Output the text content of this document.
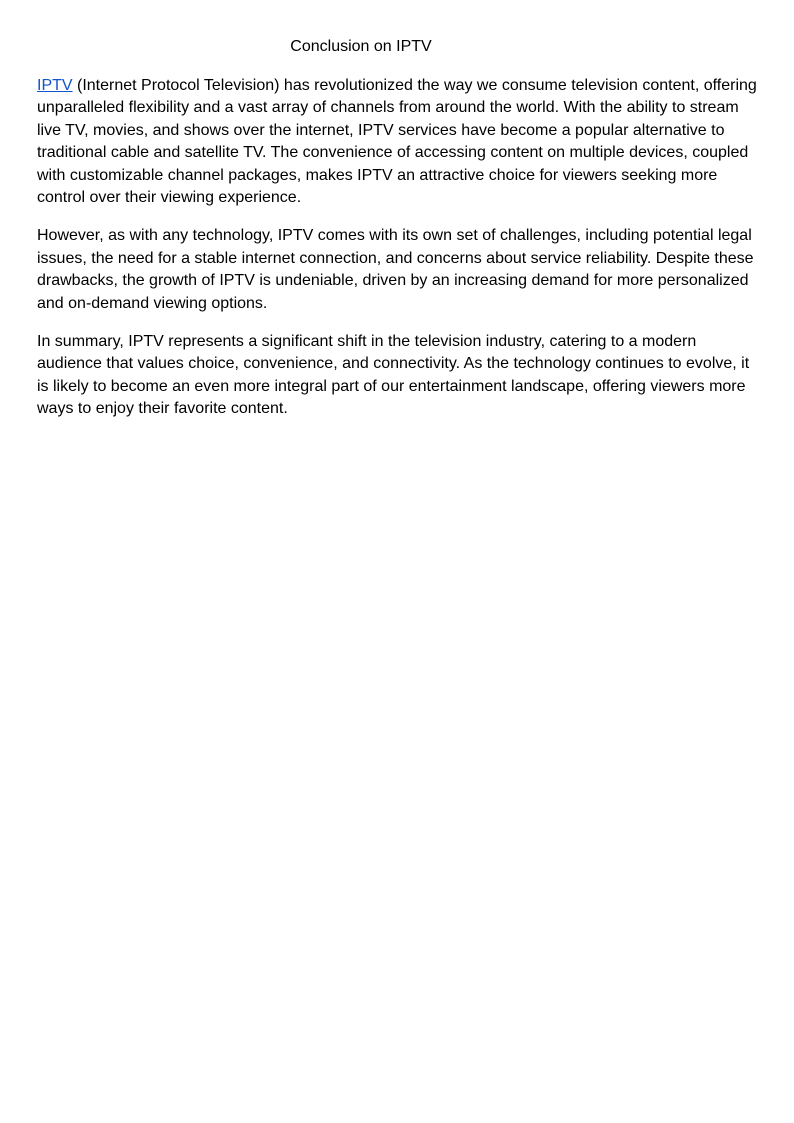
Conclusion on IPTV

IPTV (Internet Protocol Television) has revolutionized the way we consume television content, offering unparalleled flexibility and a vast array of channels from around the world. With the ability to stream live TV, movies, and shows over the internet, IPTV services have become a popular alternative to traditional cable and satellite TV. The convenience of accessing content on multiple devices, coupled with customizable channel packages, makes IPTV an attractive choice for viewers seeking more control over their viewing experience.

However, as with any technology, IPTV comes with its own set of challenges, including potential legal issues, the need for a stable internet connection, and concerns about service reliability. Despite these drawbacks, the growth of IPTV is undeniable, driven by an increasing demand for more personalized and on-demand viewing options.

In summary, IPTV represents a significant shift in the television industry, catering to a modern audience that values choice, convenience, and connectivity. As the technology continues to evolve, it is likely to become an even more integral part of our entertainment landscape, offering viewers more ways to enjoy their favorite content.
